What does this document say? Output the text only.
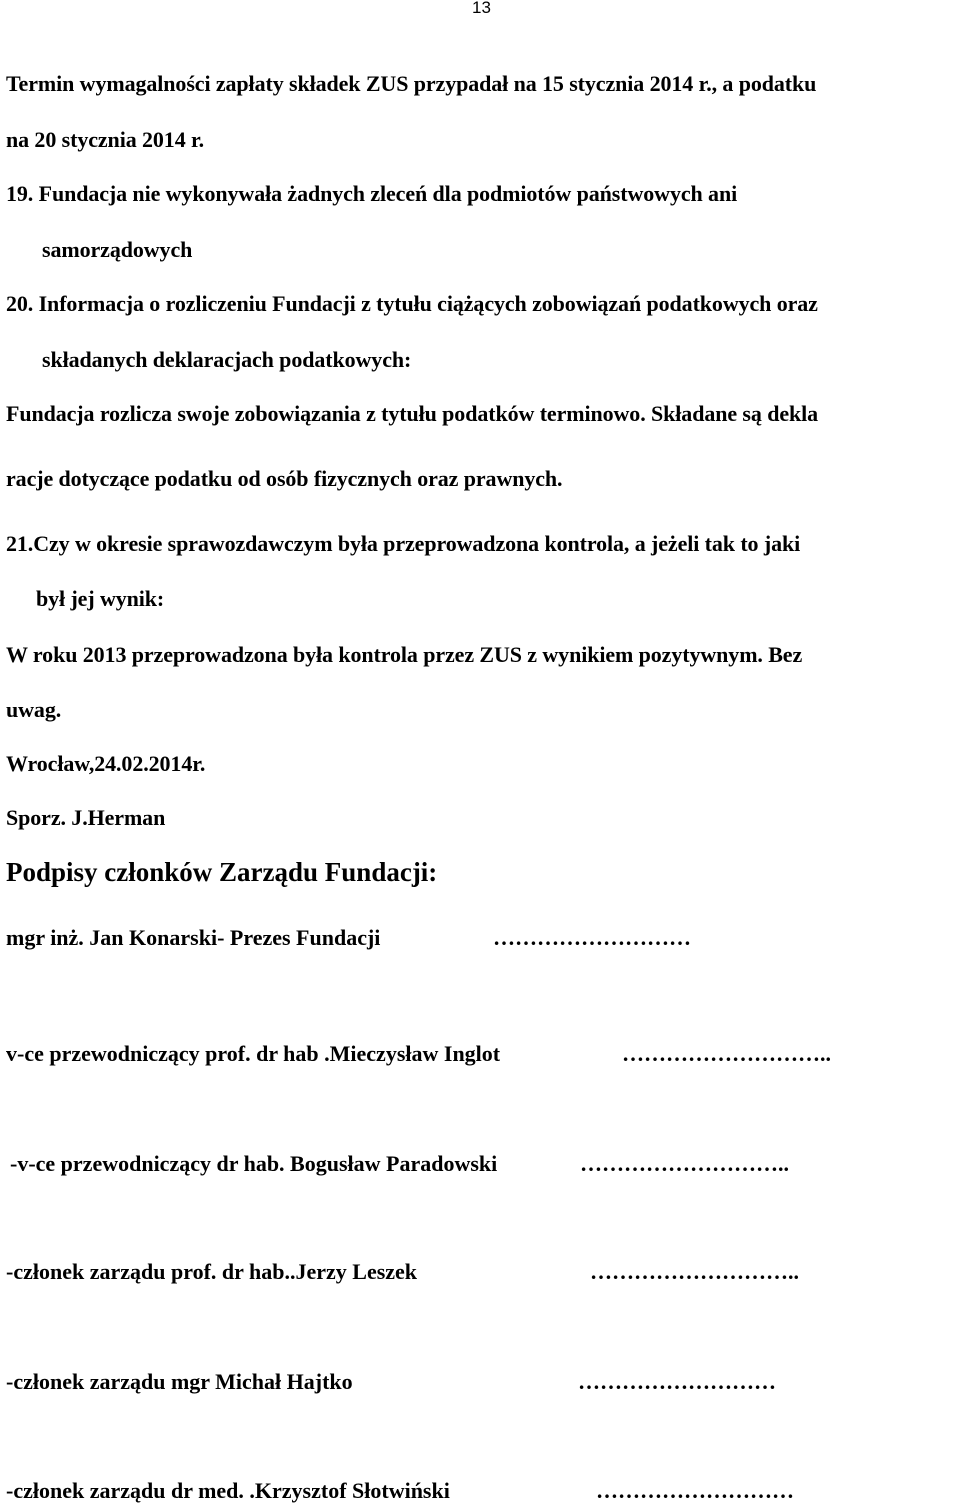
13
Termin wymagalności zapłaty składek ZUS przypadał na 15 stycznia 2014 r., a podatku
na 20 stycznia 2014 r.
19. Fundacja nie wykonywała żadnych zleceń dla podmiotów państwowych ani
samorządowych
20. Informacja o rozliczeniu Fundacji z tytułu ciążących zobowiązań podatkowych oraz
składanych deklaracjach podatkowych:
Fundacja rozlicza swoje zobowiązania z tytułu podatków terminowo. Składane są dekla
racje dotyczące podatku od osób fizycznych oraz prawnych.
21.Czy w okresie sprawozdawczym była przeprowadzona kontrola, a jeżeli tak to jaki
był jej wynik:
W roku 2013 przeprowadzona była kontrola przez ZUS z wynikiem pozytywnym. Bez
uwag.
Wrocław,24.02.2014r.
Sporz. J.Herman
Podpisy członków Zarządu Fundacji:
mgr inż. Jan Konarski- Prezes Fundacji	………………………
v-ce przewodniczący prof. dr hab .Mieczysław Inglot	………………………..
-v-ce przewodniczący dr hab. Bogusław Paradowski	………………………..
-członek zarządu prof. dr hab..Jerzy Leszek	………………………..
-członek zarządu mgr Michał Hajtko	………………………
-członek zarządu dr med. .Krzysztof Słotwiński	………………………
